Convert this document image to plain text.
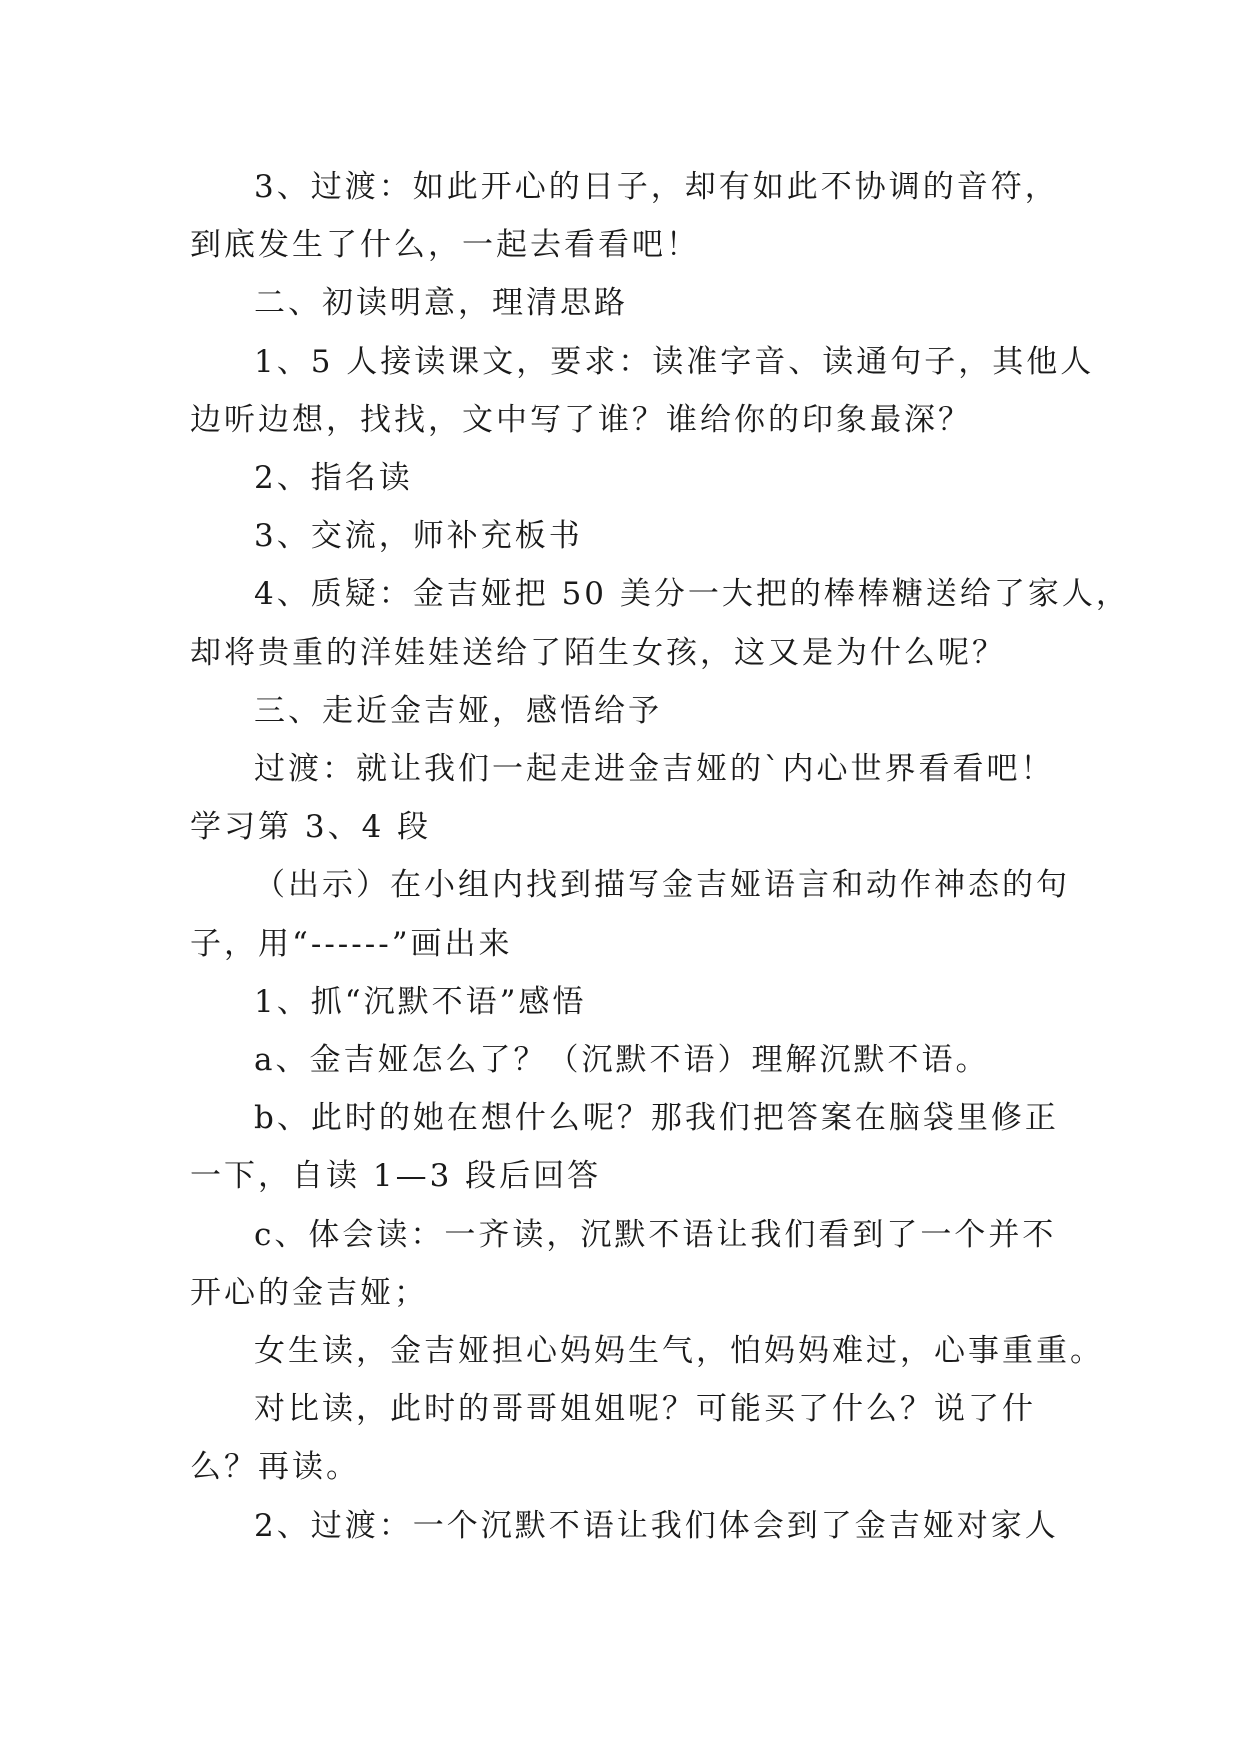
3、过渡：如此开心的日子，却有如此不协调的音符，

到底发生了什么，一起去看看吧！

二、初读明意，理清思路

1、5 人接读课文，要求：读准字音、读通句子，其他人

边听边想，找找，文中写了谁？谁给你的印象最深？

2、指名读

3、交流，师补充板书

4、质疑：金吉娅把 50 美分一大把的棒棒糖送给了家人，

却将贵重的洋娃娃送给了陌生女孩，这又是为什么呢？

三、走近金吉娅，感悟给予

过渡：就让我们一起走进金吉娅的`内心世界看看吧！

学习第 3、4 段

（出示）在小组内找到描写金吉娅语言和动作神态的句

子，用“------”画出来

1、抓“沉默不语”感悟

a、金吉娅怎么了？（沉默不语）理解沉默不语。

b、此时的她在想什么呢？那我们把答案在脑袋里修正

一下，自读 1—3 段后回答

c、体会读：一齐读，沉默不语让我们看到了一个并不

开心的金吉娅；

女生读，金吉娅担心妈妈生气，怕妈妈难过，心事重重。

对比读，此时的哥哥姐姐呢？可能买了什么？说了什

么？再读。

2、过渡：一个沉默不语让我们体会到了金吉娅对家人
